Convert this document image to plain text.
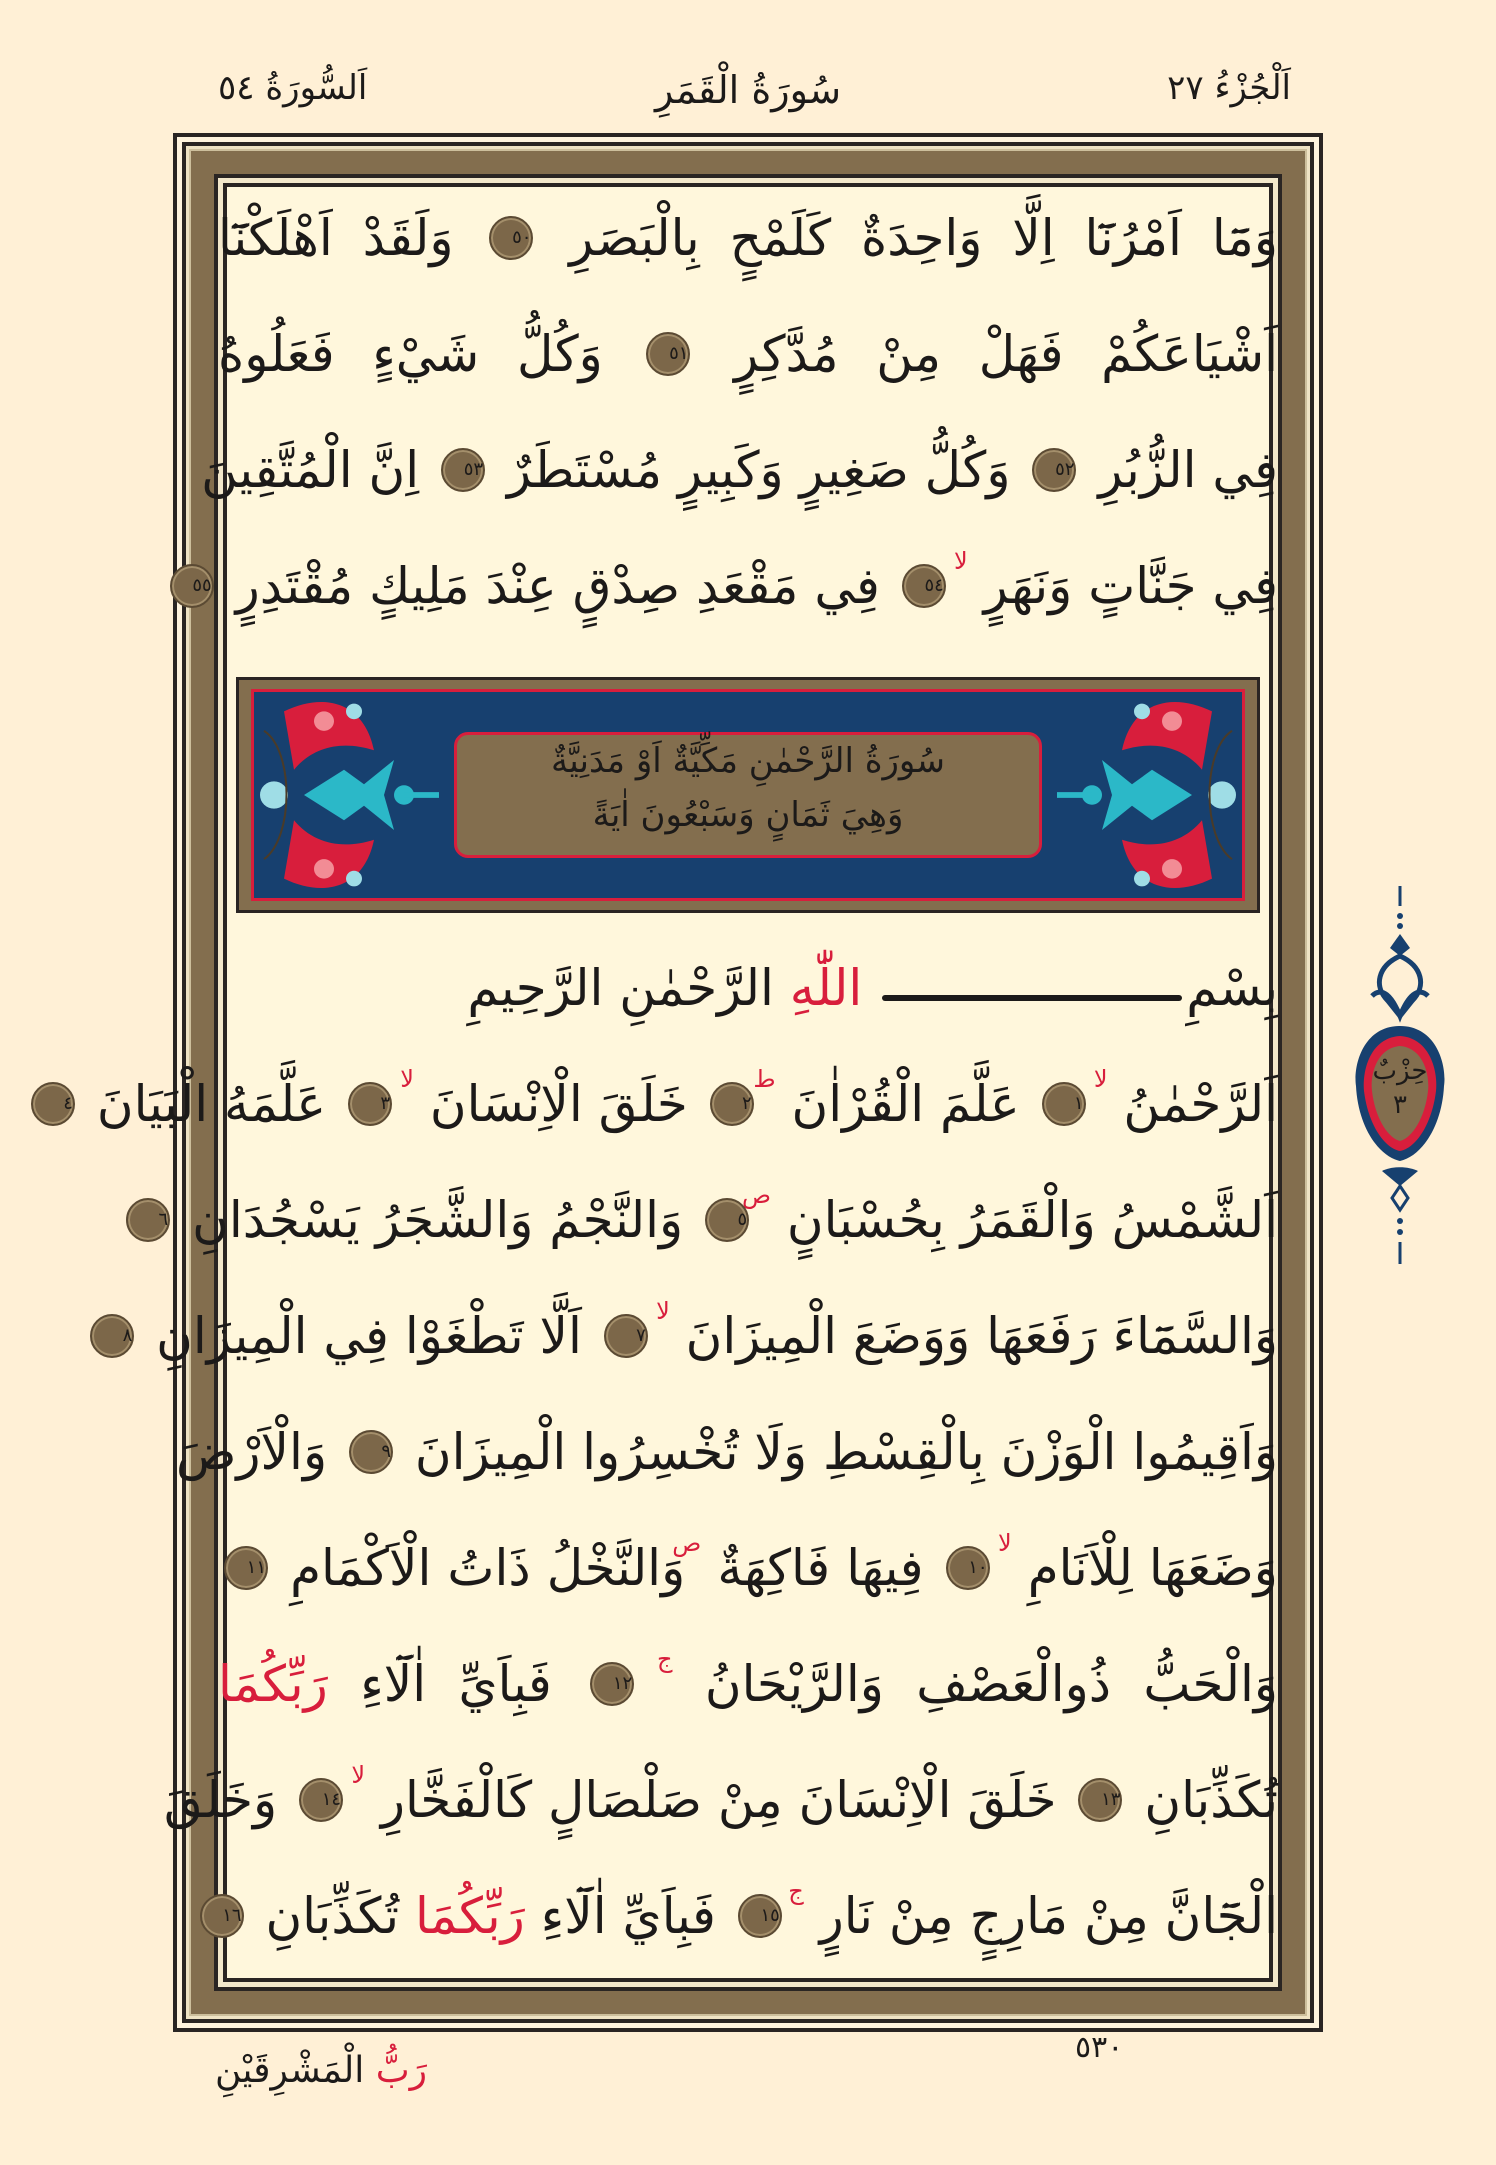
اَلْجُزْءُ ٢٧
سُورَةُ الْقَمَرِ
اَلسُّورَةُ ٥٤
وَمَٓا اَمْرُنَٓا اِلَّا وَاحِدَةٌ كَلَمْحٍ بِالْبَصَرِ ٥٠ وَلَقَدْ اَهْلَكْنَٓا
اَشْيَاعَكُمْ فَهَلْ مِنْ مُدَّكِرٍ ٥١ وَكُلُّ شَيْءٍ فَعَلُوهُ
فِي الزُّبُرِ ٥٢ وَكُلُّ صَغِيرٍ وَكَبِيرٍ مُسْتَطَرٌ ٥٣ اِنَّ الْمُتَّقِينَ
فِي جَنَّاتٍ وَنَهَرٍ لا ٥٤ فِي مَقْعَدِ صِدْقٍ عِنْدَ مَلِيكٍ مُقْتَدِرٍ ٥٥
سُورَةُ الرَّحْمٰنِ مَكِّيَّةٌ اَوْ مَدَنِيَّةٌ
وَهِيَ ثَمَانٍ وَسَبْعُونَ اٰيَةً
بِسْمِ اللّٰهِ الرَّحْمٰنِ الرَّحِيمِ
اَلرَّحْمٰنُ لا ١ عَلَّمَ الْقُرْاٰنَ ط ٢ خَلَقَ الْاِنْسَانَ لا ٣ عَلَّمَهُ الْبَيَانَ ٤
اَلشَّمْسُ وَالْقَمَرُ بِحُسْبَانٍ ص ٥ وَالنَّجْمُ وَالشَّجَرُ يَسْجُدَانِ ٦
وَالسَّمَٓاءَ رَفَعَهَا وَوَضَعَ الْمِيزَانَ لا ٧ اَلَّا تَطْغَوْا فِي الْمِيزَانِ ٨
وَاَقِيمُوا الْوَزْنَ بِالْقِسْطِ وَلَا تُخْسِرُوا الْمِيزَانَ ٩ وَالْاَرْضَ
وَضَعَهَا لِلْاَنَامِ لا ١٠ فِيهَا فَاكِهَةٌ ص وَالنَّخْلُ ذَاتُ الْاَكْمَامِ ١١
وَالْحَبُّ ذُوالْعَصْفِ وَالرَّيْحَانُ ج ١٢ فَبِاَيِّ اٰلَٓاءِ رَبِّكُمَا
تُكَذِّبَانِ ١٣ خَلَقَ الْاِنْسَانَ مِنْ صَلْصَالٍ كَالْفَخَّارِ لا ١٤ وَخَلَقَ
الْجَٓانَّ مِنْ مَارِجٍ مِنْ نَارٍ ج ١٥ فَبِاَيِّ اٰلَٓاءِ رَبِّكُمَا تُكَذِّبَانِ ١٦
حِزْبٌ
٣
٥٣٠
رَبُّ الْمَشْرِقَيْنِ
